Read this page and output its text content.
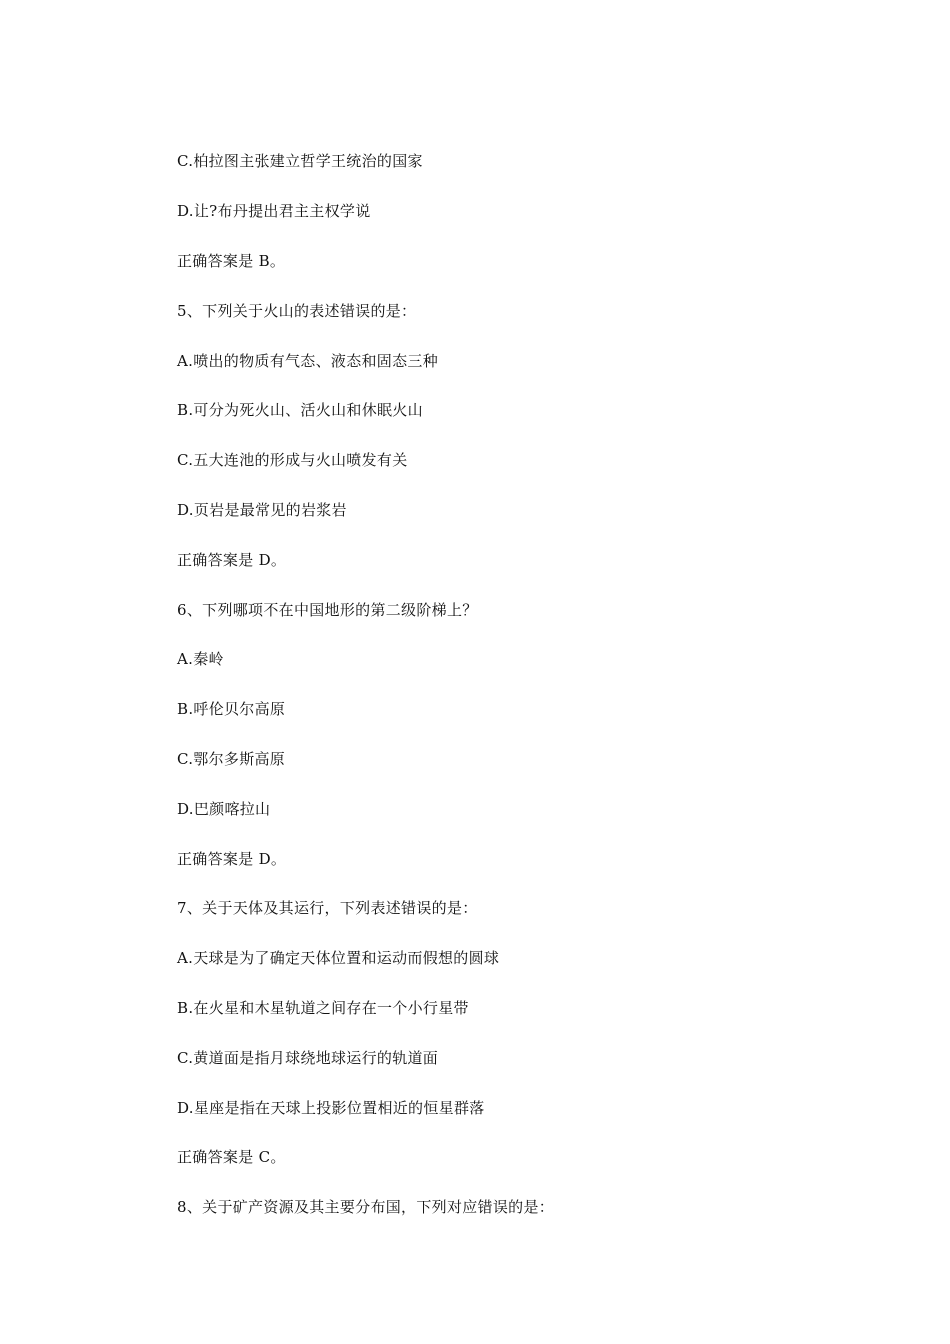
C.柏拉图主张建立哲学王统治的国家

D.让?布丹提出君主主权学说

正确答案是 B。

5、下列关于火山的表述错误的是：

A.喷出的物质有气态、液态和固态三种

B.可分为死火山、活火山和休眠火山

C.五大连池的形成与火山喷发有关

D.页岩是最常见的岩浆岩

正确答案是 D。

6、下列哪项不在中国地形的第二级阶梯上？

A.秦岭

B.呼伦贝尔高原

C.鄂尔多斯高原

D.巴颜喀拉山

正确答案是 D。

7、关于天体及其运行，下列表述错误的是：

A.天球是为了确定天体位置和运动而假想的圆球

B.在火星和木星轨道之间存在一个小行星带

C.黄道面是指月球绕地球运行的轨道面

D.星座是指在天球上投影位置相近的恒星群落

正确答案是 C。

8、关于矿产资源及其主要分布国，下列对应错误的是：
